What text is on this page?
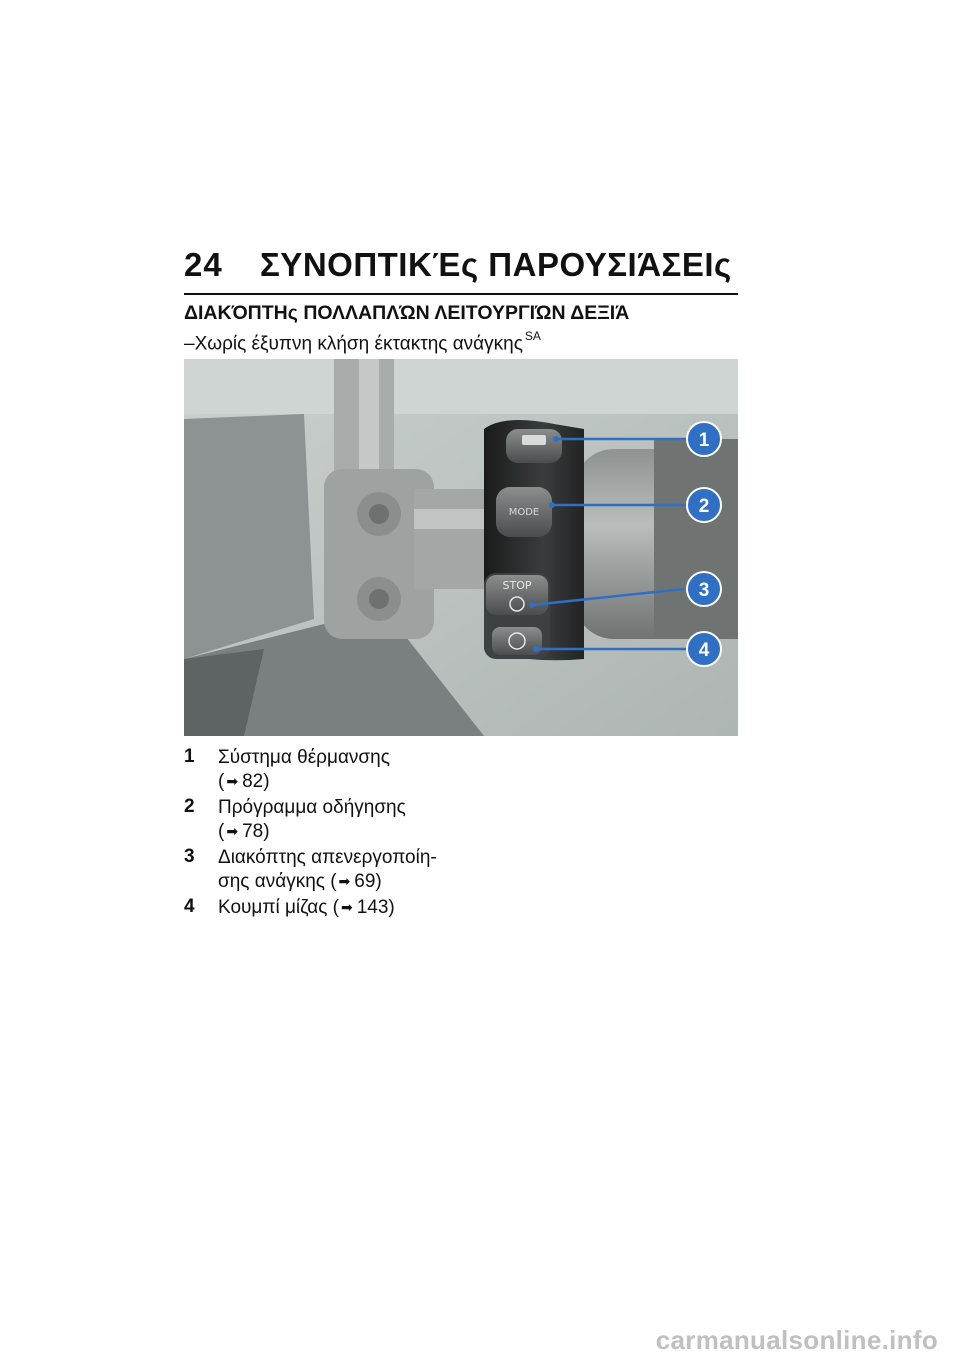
24 ΣΥΝΟΠΤΙΚΈς ΠΑΡΟΥΣΙΆΣΕΙς
ΔΙΑΚΌΠΤΗς ΠΟΛΛΑΠΛΏΝ ΛΕΙΤΟΥΡΓΙΏΝ ΔΕΞΙΆ
–Χωρίς έξυπνη κλήση έκτακτης ανάγκης $^{SA}$
MODE
STOP
1
2
3
4
1 Σύστημα θέρμανσης
( ➡ 82)
2 Πρόγραμμα οδήγησης
( ➡ 78)
3 Διακόπτης απενεργοποίη-
σης ανάγκης ( ➡ 69)
4 Κουμπί μίζας ( ➡ 143)
carmanualsonline.info
